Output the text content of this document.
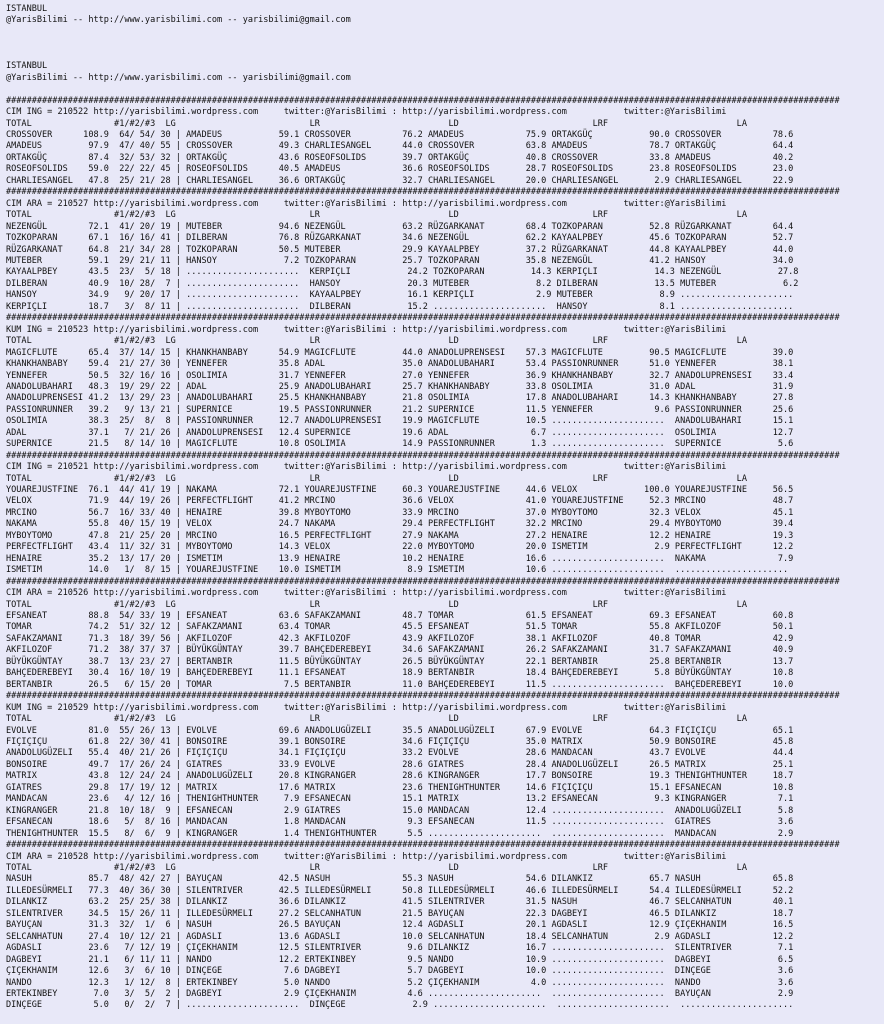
ISTANBUL
@YarisBilimi -- http://www.yarisbilimi.com -- yarisbilimi@gmail.com

ISTANBUL
@YarisBilimi -- http://www.yarisbilimi.com -- yarisbilimi@gmail.com

##################################################################################################################################################################
CIM ING = 210522 http://yarisbilimi.wordpress.com     twitter:@YarisBilimi : http://yarisbilimi.wordpress.com           twitter:@YarisBilimi
TOTAL                #1/#2/#3  LG                          LR                         LD                          LRF                         LA
CROSSOVER      108.9  64/ 54/ 30 | AMADEUS           59.1 CROSSOVER          76.2 AMADEUS            75.9 ORTAKGÜÇ           90.0 CROSSOVER          78.6
AMADEUS         97.9  47/ 40/ 55 | CROSSOVER         49.3 CHARLIESANGEL      44.0 CROSSOVER          63.8 AMADEUS            78.7 ORTAKGÜÇ           64.4
ORTAKGÜÇ        87.4  32/ 53/ 32 | ORTAKGÜÇ          43.6 ROSEOFSOLIDS       39.7 ORTAKGÜÇ           40.8 CROSSOVER          33.8 AMADEUS            40.2
ROSEOFSOLIDS    59.0  22/ 22/ 45 | ROSEOFSOLIDS      40.5 AMADEUS            36.6 ROSEOFSOLIDS       28.7 ROSEOFSOLIDS       23.8 ROSEOFSOLIDS       23.0
CHARLIESANGEL   47.8  25/ 21/ 28 | CHARLIESANGEL     36.6 ORTAKGÜÇ           32.7 CHARLIESANGEL      20.0 CHARLIESANGEL       2.9 CHARLIESANGEL      22.9
##################################################################################################################################################################
CIM ARA = 210527 http://yarisbilimi.wordpress.com     twitter:@YarisBilimi : http://yarisbilimi.wordpress.com           twitter:@YarisBilimi
TOTAL                #1/#2/#3  LG                          LR                         LD                          LRF                         LA
NEZENGÜL        72.1  41/ 20/ 19 | MUTEBER           94.6 NEZENGÜL           63.2 RÜZGARKANAT        68.4 TOZKOPARAN         52.8 RÜZGARKANAT        64.4
TOZKOPARAN      67.1  16/ 16/ 41 | DILBERAN          76.8 RÜZGARKANAT        34.6 NEZENGÜL           62.2 KAYAALPBEY         45.6 TOZKOPARAN         52.7
RÜZGARKANAT     64.8  21/ 34/ 28 | TOZKOPARAN        50.5 MUTEBER            29.9 KAYAALPBEY         37.2 RÜZGARKANAT        44.8 KAYAALPBEY         44.0
MUTEBER         59.1  29/ 21/ 11 | HANSOY             7.2 TOZKOPARAN         25.7 TOZKOPARAN         35.8 NEZENGÜL           41.2 HANSOY             34.0
KAYAALPBEY      43.5  23/  5/ 18 | ......................  KERPIÇLI           24.2 TOZKOPARAN         14.3 KERPIÇLI           14.3 NEZENGÜL           27.8
DILBERAN        40.9  10/ 28/  7 | ......................  HANSOY             20.3 MUTEBER             8.2 DILBERAN           13.5 MUTEBER             6.2
HANSOY          34.9   9/ 20/ 17 | ......................  KAYAALPBEY         16.1 KERPIÇLI            2.9 MUTEBER             8.9 ......................
KERPIÇLI        18.7   3/  8/ 11 | ......................  DILBERAN           15.2 ......................  HANSOY              8.1 ......................
##################################################################################################################################################################
KUM ING = 210523 http://yarisbilimi.wordpress.com     twitter:@YarisBilimi : http://yarisbilimi.wordpress.com           twitter:@YarisBilimi
TOTAL                #1/#2/#3  LG                          LR                         LD                          LRF                         LA
MAGICFLUTE      65.4  37/ 14/ 15 | KHANKHANBABY      54.9 MAGICFLUTE         44.0 ANADOLUPRENSESI    57.3 MAGICFLUTE         90.5 MAGICFLUTE         39.0
KHANKHANBABY    59.4  21/ 27/ 30 | YENNEFER          35.8 ADAL               35.0 ANADOLUBAHARI      53.4 PASSIONRUNNER      51.0 YENNEFER           38.1
YENNEFER        50.5  32/ 16/ 16 | OSOLIMIA          31.7 YENNEFER           27.0 YENNEFER           36.9 KHANKHANBABY       32.7 ANADOLUPRENSESI    33.4
ANADOLUBAHARI   48.3  19/ 29/ 22 | ADAL              25.9 ANADOLUBAHARI      25.7 KHANKHANBABY       33.8 OSOLIMIA           31.0 ADAL               31.9
ANADOLUPRENSESI 41.2  13/ 29/ 23 | ANADOLUBAHARI     25.5 KHANKHANBABY       21.8 OSOLIMIA           17.8 ANADOLUBAHARI      14.3 KHANKHANBABY       27.8
PASSIONRUNNER   39.2   9/ 13/ 21 | SUPERNICE         19.5 PASSIONRUNNER      21.2 SUPERNICE          11.5 YENNEFER            9.6 PASSIONRUNNER      25.6
OSOLIMIA        38.3  25/  8/  8 | PASSIONRUNNER     12.7 ANADOLUPRENSESI    19.9 MAGICFLUTE         10.5 ......................  ANADOLUBAHARI      15.1
ADAL            37.1   7/ 21/ 26 | ANADOLUPRENSESI   12.4 SUPERNICE          19.6 ADAL                6.7 ......................  OSOLIMIA           12.7
SUPERNICE       21.5   8/ 14/ 10 | MAGICFLUTE        10.8 OSOLIMIA           14.9 PASSIONRUNNER       1.3 ......................  SUPERNICE           5.6
##################################################################################################################################################################
CIM ING = 210521 http://yarisbilimi.wordpress.com     twitter:@YarisBilimi : http://yarisbilimi.wordpress.com           twitter:@YarisBilimi
TOTAL                #1/#2/#3  LG                          LR                         LD                          LRF                         LA
YOUAREJUSTFINE  76.1  44/ 41/ 19 | NAKAMA            72.1 YOUAREJUSTFINE     60.3 YOUAREJUSTFINE     44.6 VELOX             100.0 YOUAREJUSTFINE     56.5
VELOX           71.9  44/ 19/ 26 | PERFECTFLIGHT     41.2 MRCINO             36.6 VELOX              41.0 YOUAREJUSTFINE     52.3 MRCINO             48.7
MRCINO          56.7  16/ 33/ 40 | HENAIRE           39.8 MYBOYTOMO          33.9 MRCINO             37.0 MYBOYTOMO          32.3 VELOX              45.1
NAKAMA          55.8  40/ 15/ 19 | VELOX             24.7 NAKAMA             29.4 PERFECTFLIGHT      32.2 MRCINO             29.4 MYBOYTOMO          39.4
MYBOYTOMO       47.8  21/ 25/ 20 | MRCINO            16.5 PERFECTFLIGHT      27.9 NAKAMA             27.2 HENAIRE            12.2 HENAIRE            19.3
PERFECTFLIGHT   43.4  11/ 32/ 31 | MYBOYTOMO         14.3 VELOX              22.0 MYBOYTOMO          20.0 ISMETIM             2.9 PERFECTFLIGHT      12.2
HENAIRE         35.2  13/ 17/ 20 | ISMETIM           13.9 HENAIRE            10.2 HENAIRE            16.6 ......................  NAKAMA              7.9
ISMETIM         14.0   1/  8/ 15 | YOUAREJUSTFINE    10.0 ISMETIM             8.9 ISMETIM            10.6 ......................  ......................
##################################################################################################################################################################
CIM ARA = 210526 http://yarisbilimi.wordpress.com     twitter:@YarisBilimi : http://yarisbilimi.wordpress.com           twitter:@YarisBilimi
TOTAL                #1/#2/#3  LG                          LR                         LD                          LRF                         LA
EFSANEAT        88.8  54/ 33/ 19 | EFSANEAT          63.6 SAFAKZAMANI        48.7 TOMAR              61.5 EFSANEAT           69.3 EFSANEAT           60.8
TOMAR           74.2  51/ 32/ 12 | SAFAKZAMANI       63.4 TOMAR              45.5 EFSANEAT           51.5 TOMAR              55.8 AKFILOZOF          50.1
SAFAKZAMANI     71.3  18/ 39/ 56 | AKFILOZOF         42.3 AKFILOZOF          43.9 AKFILOZOF          38.1 AKFILOZOF          40.8 TOMAR              42.9
AKFILOZOF       71.2  38/ 37/ 37 | BÜYÜKGÜNTAY       39.7 BAHÇEDEREBEYI      34.6 SAFAKZAMANI        26.2 SAFAKZAMANI        31.7 SAFAKZAMANI        40.9
BÜYÜKGÜNTAY     38.7  13/ 23/ 27 | BERTANBIR         11.5 BÜYÜKGÜNTAY        26.5 BÜYÜKGÜNTAY        22.1 BERTANBIR          25.8 BERTANBIR          13.7
BAHÇEDEREBEYI   30.4  16/ 10/ 19 | BAHÇEDEREBEYI     11.1 EFSANEAT           18.9 BERTANBIR          18.4 BAHÇEDEREBEYI       5.8 BÜYÜKGÜNTAY        10.8
BERTANBIR       26.5   6/ 15/ 20 | TOMAR              7.5 BERTANBIR          11.0 BAHÇEDEREBEYI      11.5 ......................  BAHÇEDEREBEYI      10.0
##################################################################################################################################################################
KUM ING = 210529 http://yarisbilimi.wordpress.com     twitter:@YarisBilimi : http://yarisbilimi.wordpress.com           twitter:@YarisBilimi
TOTAL                #1/#2/#3  LG                          LR                         LD                          LRF                         LA
EVOLVE          81.0  55/ 26/ 13 | EVOLVE            69.6 ANADOLUGÜZELI      35.5 ANADOLUGÜZELI      67.9 EVOLVE             64.3 FIÇIÇIÇU           65.1
FIÇIÇIÇU        61.8  22/ 30/ 41 | BONSOIRE          39.1 BONSOIRE           34.6 FIÇIÇIÇU           35.0 MATRIX             50.9 BONSOIRE           45.8
ANADOLUGÜZELI   55.4  40/ 21/ 26 | FIÇIÇIÇU          34.1 FIÇIÇIÇU           33.2 EVOLVE             28.6 MANDACAN           43.7 EVOLVE             44.4
BONSOIRE        49.7  17/ 26/ 24 | GIATRES           33.9 EVOLVE             28.6 GIATRES            28.4 ANADOLUGÜZELI      26.5 MATRIX             25.1
MATRIX          43.8  12/ 24/ 24 | ANADOLUGÜZELI     20.8 KINGRANGER         28.6 KINGRANGER         17.7 BONSOIRE           19.3 THENIGHTHUNTER     18.7
GIATRES         29.8  17/ 19/ 12 | MATRIX            17.6 MATRIX             23.6 THENIGHTHUNTER     14.6 FIÇIÇIÇU           15.1 EFSANECAN          10.8
MANDACAN        23.6   4/ 12/ 16 | THENIGHTHUNTER     7.9 EFSANECAN          15.1 MATRIX             13.2 EFSANECAN           9.3 KINGRANGER          7.1
KINGRANGER      21.8  10/ 18/  9 | EFSANECAN          2.9 GIATRES            15.0 MANDACAN           12.4 ......................  ANADOLUGÜZELI       5.8
EFSANECAN       18.6   5/  8/ 16 | MANDACAN           1.8 MANDACAN            9.3 EFSANECAN          11.5 ......................  GIATRES             3.6
THENIGHTHUNTER  15.5   8/  6/  9 | KINGRANGER         1.4 THENIGHTHUNTER      5.5 ......................  ......................  MANDACAN            2.9
##################################################################################################################################################################
CIM ARA = 210528 http://yarisbilimi.wordpress.com     twitter:@YarisBilimi : http://yarisbilimi.wordpress.com           twitter:@YarisBilimi
TOTAL                #1/#2/#3  LG                          LR                         LD                          LRF                         LA
NASUH           85.7  48/ 42/ 27 | BAYUÇAN           42.5 NASUH              55.3 NASUH              54.6 DILANKIZ           65.7 NASUH              65.8
ILLEDESÜRMELI   77.3  40/ 36/ 30 | SILENTRIVER       42.5 ILLEDESÜRMELI      50.8 ILLEDESÜRMELI      46.6 ILLEDESÜRMELI      54.4 ILLEDESÜRMELI      52.2
DILANKIZ        63.2  25/ 25/ 38 | DILANKIZ          36.6 DILANKIZ           41.5 SILENTRIVER        31.5 NASUH              46.7 SELCANHATUN        40.1
SILENTRIVER     34.5  15/ 26/ 11 | ILLEDESÜRMELI     27.2 SELCANHATUN        21.5 BAYUÇAN            22.3 DAGBEYI            46.5 DILANKIZ           18.7
BAYUÇAN         31.3  32/  1/  6 | NASUH             26.5 BAYUÇAN            12.4 AGDASLI            20.1 AGDASLI            12.9 ÇIÇEKHANIM         16.5
SELCANHATUN     27.4  10/ 12/ 21 | AGDASLI           13.6 AGDASLI            10.0 SELCANHATUN        18.4 SELCANHATUN         2.9 AGDASLI            12.2
AGDASLI         23.6   7/ 12/ 19 | ÇIÇEKHANIM        12.5 SILENTRIVER         9.6 DILANKIZ           16.7 ......................  SILENTRIVER         7.1
DAGBEYI         21.1   6/ 11/ 11 | NANDO             12.2 ERTEKINBEY          9.5 NANDO              10.9 ......................  DAGBEYI             6.5
ÇIÇEKHANIM      12.6   3/  6/ 10 | DINÇEGE            7.6 DAGBEYI             5.7 DAGBEYI            10.0 ......................  DINÇEGE             3.6
NANDO           12.3   1/ 12/  8 | ERTEKINBEY         5.0 NANDO               5.2 ÇIÇEKHANIM          4.0 ......................  NANDO               3.6
ERTEKINBEY       7.0   3/  5/  2 | DAGBEYI            2.9 ÇIÇEKHANIM          4.6 ......................  ......................  BAYUÇAN             2.9
DINÇEGE          5.0   0/  2/  7 | ......................  DINÇEGE             2.9 ......................  ......................  ......................
